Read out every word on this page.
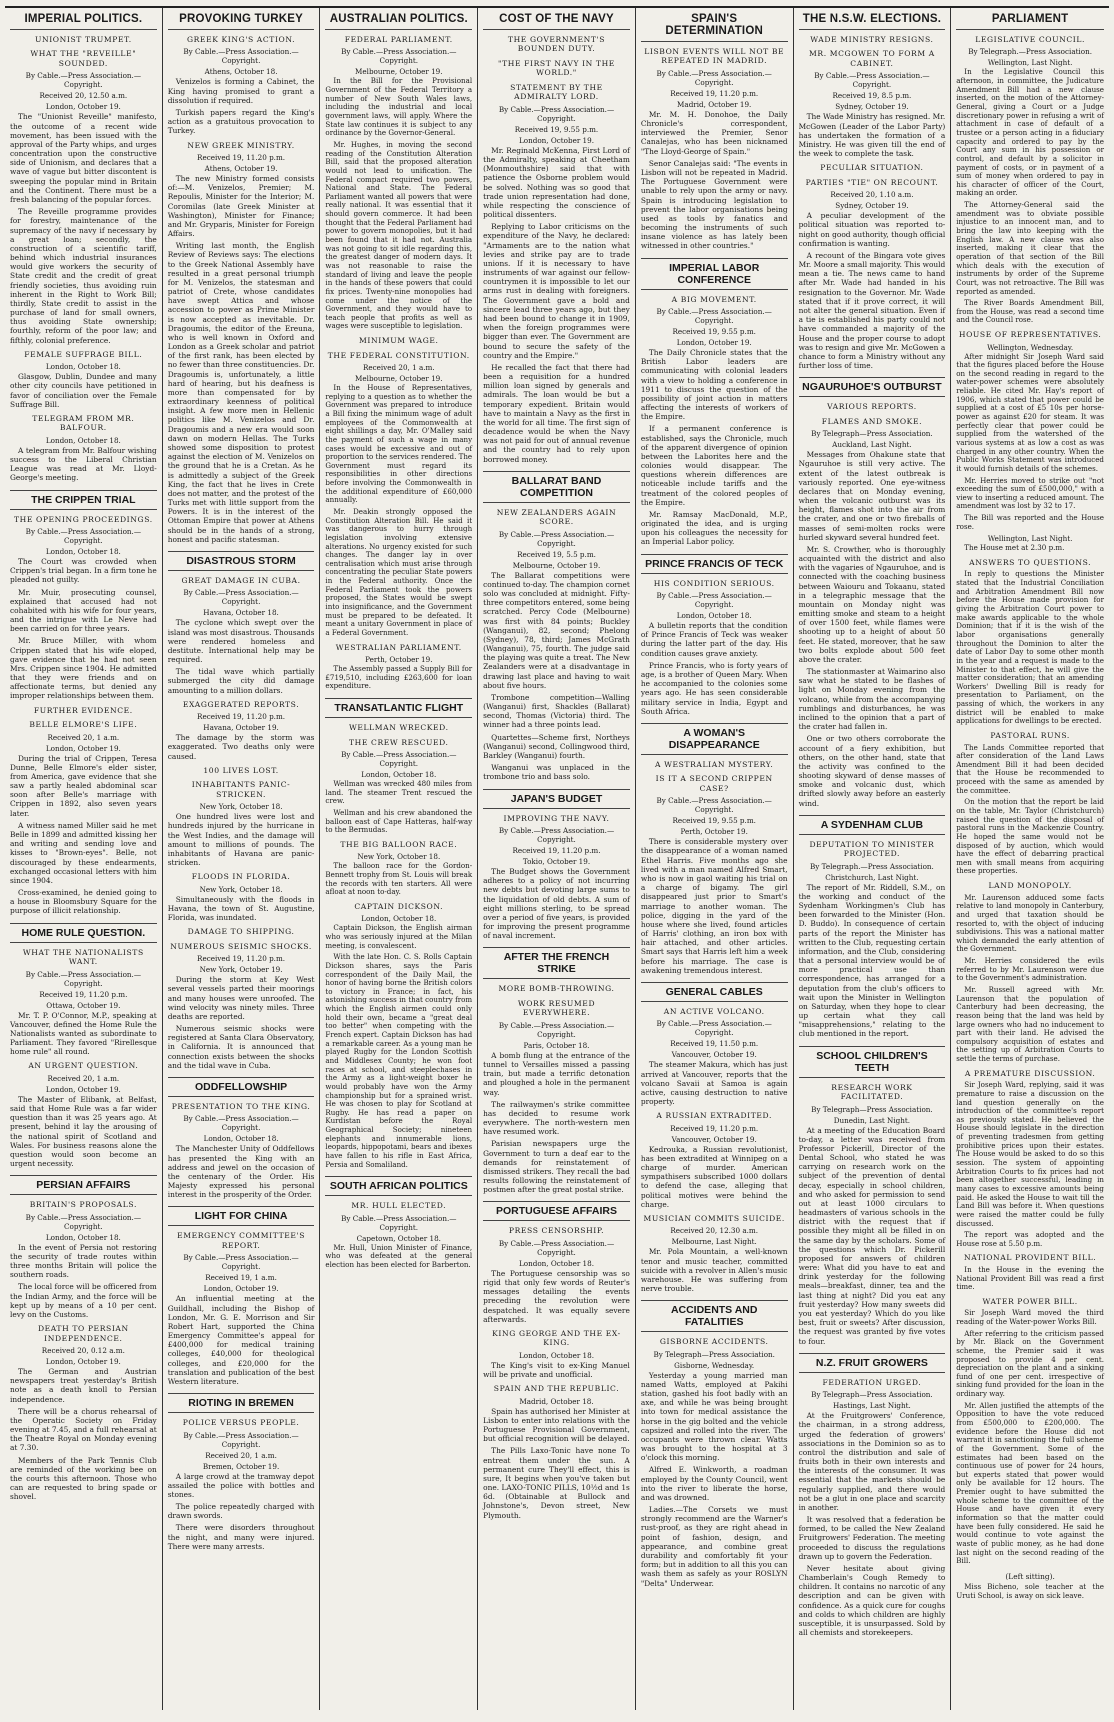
IMPERIAL POLITICS.
UNIONIST TRUMPET.
WHAT THE "REVEILLE" SOUNDED.
By Cable.—Press Association.—Copyright.
Received 20, 12.50 a.m.
London, October 19.
The "Unionist Reveille" manifesto, the outcome of a recent wide movement, has been issued with the approval of the Party whips, and urges concentration upon the constructive side of Unionism, and declares that a wave of vague but bitter discontent is sweeping the popular mind in Britain and the Continent. There must be a fresh balancing of the popular forces.
The Reveille programme provides for forestry, maintenance of the supremacy of the navy if necessary by a great loan; secondly, the construction of a scientific tariff, behind which industrial insurances would give workers the security of State credit and the credit of great friendly societies, thus avoiding ruin inherent in the Right to Work Bill; thirdly, State credit to assist in the purchase of land for small owners, thus avoiding State ownership; fourthly, reform of the poor law; and fifthly, colonial preference.
FEMALE SUFFRAGE BILL.
London, October 18.
Glasgow, Dublin, Dundee and many other city councils have petitioned in favor of conciliation over the Female Suffrage Bill.
TELEGRAM FROM MR. BALFOUR.
London, October 18.
A telegram from Mr. Balfour wishing success to the Liberal Christian League was read at Mr. Lloyd-George's meeting.
THE CRIPPEN TRIAL
THE OPENING PROCEEDINGS.
By Cable.—Press Association.—Copyright.
London, October 18.
The Court was crowded when Crippen's trial began. In a firm tone he pleaded not guilty.
Mr. Muir, prosecuting counsel, explained that accused had not cohabited with his wife for four years, and the intrigue with Le Neve had been carried on for three years.
Mr. Bruce Miller, with whom Crippen stated that his wife eloped, gave evidence that he had not seen Mrs. Crippen since 1904. He admitted that they were friends and on affectionate terms, but denied any improper relationships between them.
FURTHER EVIDENCE.
BELLE ELMORE'S LIFE.
Received 20, 1 a.m.
London, October 19.
During the trial of Crippen, Teresa Dunne, Belle Elmore's elder sister, from America, gave evidence that she saw a partly healed abdominal scar soon after Belle's marriage with Crippen in 1892, also seven years later.
A witness named Miller said he met Belle in 1899 and admitted kissing her and writing and sending love and kisses to "Brown-eyes". Belle, not discouraged by these endearments, exchanged occasional letters with him since 1904.
Cross-examined, he denied going to a house in Bloomsbury Square for the purpose of illicit relationship.
HOME RULE QUESTION.
WHAT THE NATIONALISTS WANT.
By Cable.—Press Association.—Copyright.
Received 19, 11.20 p.m.
Ottawa, October 19.
Mr. T. P. O'Connor, M.P., speaking at Vancouver, defined the Home Rule the Nationalists wanted as subordinate to Parliament. They favored "Rirellesque home rule" all round.
AN URGENT QUESTION.
Received 20, 1 a.m.
London, October 19.
The Master of Elibank, at Belfast, said that Home Rule was a far wider question than it was 25 years ago. At present, behind it lay the arousing of the national spirit of Scotland and Wales. For business reasons alone the question would soon become an urgent necessity.
PERSIAN AFFAIRS
BRITAIN'S PROPOSALS.
By Cable.—Press Association.—Copyright.
London, October 18.
In the event of Persia not restoring the security of trade routes within three months Britain will police the southern roads.
The local force will be officered from the Indian Army, and the force will be kept up by means of a 10 per cent. levy on the Customs.
DEATH TO PERSIAN INDEPENDENCE.
Received 20, 0.12 a.m.
London, October 19.
The German and Austrian newspapers treat yesterday's British note as a death knoll to Persian independence.
There will be a chorus rehearsal of the Operatic Society on Friday evening at 7.45, and a full rehearsal at the Theatre Royal on Monday evening at 7.30.
Members of the Park Tennis Club are reminded of the working bee on the courts this afternoon. Those who can are requested to bring spade or shovel.
PROVOKING TURKEY
GREEK KING'S ACTION.
By Cable.—Press Association.—Copyright.
Athens, October 18.
Venizelos is forming a Cabinet, the King having promised to grant a dissolution if required.
Turkish papers regard the King's action as a gratuitous provocation to Turkey.
NEW GREEK MINISTRY.
Received 19, 11.20 p.m.
Athens, October 19.
The new Ministry formed consists of:—M. Venizelos, Premier; M. Repoulis, Minister for the Interior; M. Coromilas (late Greek Minister at Washington), Minister for Finance; and Mr. Gryparis, Minister for Foreign Affairs.
Writing last month, the English Review of Reviews says: The elections to the Greek National Assembly have resulted in a great personal triumph for M. Venizelos, the statesman and patriot of Crete, whose candidates have swept Attica and whose accession to power as Prime Minister is now accepted as inevitable. Dr. Dragoumis, the editor of the Ereuna, who is well known in Oxford and London as a Greek scholar and patriot of the first rank, has been elected by no fewer than three constituencies. Dr. Dragoumis is, unfortunately, a little hard of hearing, but his deafness is more than compensated for by extraordinary keenness of political insight. A few more men in Hellenic politics like M. Venizelos and Dr. Dragoumis and a new era would soon dawn on modern Hellas. The Turks showed some disposition to protest against the election of M. Venizelos on the ground that he is a Cretan. As he is admittedly a subject of the Greek King, the fact that he lives in Crete does not matter, and the protest of the Turks met with little support from the Powers. It is in the interest of the Ottoman Empire that power at Athens should be in the hands of a strong, honest and pacific statesman.
DISASTROUS STORM
GREAT DAMAGE IN CUBA.
By Cable.—Press Association.—Copyright.
Havana, October 18.
The cyclone which swept over the island was most disastrous. Thousands were rendered homeless and destitute. International help may be required.
The tidal wave which partially submerged the city did damage amounting to a million dollars.
EXAGGERATED REPORTS.
Received 19, 11.20 p.m.
Havana, October 19.
The damage by the storm was exaggerated. Two deaths only were caused.
100 LIVES LOST.
INHABITANTS PANIC-STRICKEN.
New York, October 18.
One hundred lives were lost and hundreds injured by the hurricane in the West Indies, and the damage will amount to millions of pounds. The inhabitants of Havana are panic-stricken.
FLOODS IN FLORIDA.
New York, October 18.
Simultaneously with the floods in Havana, the town of St. Augustine, Florida, was inundated.
DAMAGE TO SHIPPING.
NUMEROUS SEISMIC SHOCKS.
Received 19, 11.20 p.m.
New York, October 19.
During the storm at Key West several vessels parted their moorings and many houses were unroofed. The wind velocity was ninety miles. Three deaths are reported.
Numerous seismic shocks were registered at Santa Clara Observatory, in California. It is announced that connection exists between the shocks and the tidal wave in Cuba.
ODDFELLOWSHIP
PRESENTATION TO THE KING.
By Cable.—Press Association.—Copyright.
London, October 18.
The Manchester Unity of Oddfellows has presented the King with an address and jewel on the occasion of the centenary of the Order. His Majesty expressed his personal interest in the prosperity of the Order.
LIGHT FOR CHINA
EMERGENCY COMMITTEE'S REPORT.
By Cable.—Press Association.—Copyright.
Received 19, 1 a.m.
London, October 19.
An influential meeting at the Guildhall, including the Bishop of London, Mr. G. E. Morrison and Sir Robert Hart, supported the China Emergency Committee's appeal for £400,000 for medical training colleges, £40,000 for theological colleges, and £20,000 for the translation and publication of the best Western literature.
RIOTING IN BREMEN
POLICE VERSUS PEOPLE.
By Cable.—Press Association.—Copyright.
Received 20, 1 a.m.
Bremen, October 19.
A large crowd at the tramway depot assailed the police with bottles and stones.
The police repeatedly charged with drawn swords.
There were disorders throughout the night, and many were injured. There were many arrests.
AUSTRALIAN POLITICS.
FEDERAL PARLIAMENT.
By Cable.—Press Association.—Copyright.
Melbourne, October 19.
In the Bill for the Provisional Government of the Federal Territory a number of New South Wales laws, including the industrial and local government laws, will apply. Where the State law continues it is subject to any ordinance by the Governor-General.
Mr. Hughes, in moving the second reading of the Constitution Alteration Bill, said that the proposed alteration would not lead to unification. The Federal compact required two powers, National and State. The Federal Parliament wanted all powers that were really national. It was essential that it should govern commerce. It had been thought that the Federal Parliament had power to govern monopolies, but it had been found that it had not. Australia was not going to sit idle regarding this, the greatest danger of modern days. It was not reasonable to raise the standard of living and leave the people in the hands of these powers that could fix prices. Twenty-nine monopolies had come under the notice of the Government, and they would have to teach people that profits as well as wages were susceptible to legislation.
MINIMUM WAGE.
THE FEDERAL CONSTITUTION.
Received 20, 1 a.m.
Melbourne, October 19.
In the House of Representatives, replying to a question as to whether the Government was prepared to introduce a Bill fixing the minimum wage of adult employees of the Commonwealth at eight shillings a day, Mr. O'Malley said the payment of such a wage in many cases would be excessive and out of proportion to the services rendered. The Government must regard its responsibilities in other directions before involving the Commonwealth in the additional expenditure of £60,000 annually.
Mr. Deakin strongly opposed the Constitution Alteration Bill. He said it was dangerous to hurry through legislation involving extensive alterations. No urgency existed for such changes. The danger lay in over centralisation which must arise through concentrating the peculiar State powers in the Federal authority. Once the Federal Parliament took the powers proposed, the States would be swept into insignificance, and the Government must be prepared to be defeated. It meant a unitary Government in place of a Federal Government.
WESTRALIAN PARLIAMENT.
Perth, October 19.
The Assembly passed a Supply Bill for £719,510, including £263,600 for loan expenditure.
TRANSATLANTIC FLIGHT
WELLMAN WRECKED.
THE CREW RESCUED.
By Cable.—Press Association.—Copyright.
London, October 18.
Wellman was wrecked 480 miles from land. The steamer Trent rescued the crew.
Wellman and his crew abandoned the balloon east of Cape Hatteras, half-way to the Bermudas.
THE BIG BALLOON RACE.
New York, October 18.
The balloon race for the Gordon-Bennett trophy from St. Louis will break the records with ten starters. All were afloat at noon to-day.
CAPTAIN DICKSON.
London, October 18.
Captain Dickson, the English airman who was seriously injured at the Milan meeting, is convalescent.
With the late Hon. C. S. Rolls Captain Dickson shares, says the Paris correspondent of the Daily Mail, the honor of having borne the British colors to victory in France; in fact, his astonishing success in that country from which the English airmen could only hold their own, became a "great deal too better" when competing with the French expert. Captain Dickson has had a remarkable career. As a young man he played Rugby for the London Scottish and Middlesex County; he won foot races at school, and steeplechases in the Army as a light-weight boxer he would probably have won the Army championship but for a sprained wrist. He was chosen to play for Scotland at Rugby. He has read a paper on Kurdistan before the Royal Geographical Society; nineteen elephants and innumerable lions, leopards, hippopotami, bears and ibexes have fallen to his rifle in East Africa, Persia and Somaliland.
SOUTH AFRICAN POLITICS
MR. HULL ELECTED.
By Cable.—Press Association.—Copyright.
Capetown, October 18.
Mr. Hull, Union Minister of Finance, who was defeated at the general election has been elected for Barberton.
COST OF THE NAVY
THE GOVERNMENT'S BOUNDEN DUTY.
"THE FIRST NAVY IN THE WORLD."
STATEMENT BY THE ADMIRALTY LORD.
By Cable.—Press Association.—Copyright.
Received 19, 9.55 p.m.
London, October 19.
Mr. Reginald McKenna, First Lord of the Admiralty, speaking at Cheetham (Monmouthshire) said that with patience the Osborne problem would be solved. Nothing was so good that trade union representation had done, while respecting the conscience of political dissenters.
Replying to Labor criticisms on the expenditure of the Navy, he declared: "Armaments are to the nation what levies and strike pay are to trade unions. If it is necessary to have instruments of war against our fellow-countrymen it is impossible to let our arms rust in dealing with foreigners. The Government gave a bold and sincere lead three years ago, but they had been bound to change it in 1909, when the foreign programmes were bigger than ever. The Government are bound to secure the safety of the country and the Empire."
He recalled the fact that there had been a requisition for a hundred million loan signed by generals and admirals. The loan would be but a temporary expedient. Britain would have to maintain a Navy as the first in the world for all time. The first sign of decadence would be when the Navy was not paid for out of annual revenue and the country had to rely upon borrowed money.
BALLARAT BAND COMPETITION
NEW ZEALANDERS AGAIN SCORE.
By Cable.—Press Association.—Copyright.
Received 19, 5.5 p.m.
Melbourne, October 19.
The Ballarat competitions were continued to-day. The champion cornet solo was concluded at midnight. Fifty-three competitors entered, some being scratched. Percy Code (Melbourne) was first with 84 points; Buckley (Wanganui), 82, second; Phelong (Sydney), 78, third; James McGrath (Wanganui), 75, fourth. The judge said the playing was quite a treat. The New Zealanders were at a disadvantage in drawing last place and having to wait about five hours.
Trombone competition—Walling (Wanganui) first, Shackles (Ballarat) second, Thomas (Victoria) third. The winner had a three points lead.
Quartettes—Scheme first, Northeys (Wanganui) second, Collingwood third, Barkley (Wanganui) fourth.
Wanganui was unplaced in the trombone trio and bass solo.
JAPAN'S BUDGET
IMPROVING THE NAVY.
By Cable.—Press Association.—Copyright.
Received 19, 11.20 p.m.
Tokio, October 19.
The Budget shows the Government adheres to a policy of not incurring new debts but devoting large sums to the liquidation of old debts. A sum of eight millions sterling, to be spread over a period of five years, is provided for improving the present programme of naval increment.
AFTER THE FRENCH STRIKE
MORE BOMB-THROWING.
WORK RESUMED EVERYWHERE.
By Cable.—Press Association.—Copyright.
Paris, October 18.
A bomb flung at the entrance of the tunnel to Versailles missed a passing train, but made a terrific detonation and ploughed a hole in the permanent way.
The railwaymen's strike committee has decided to resume work everywhere. The north-western men have resumed work.
Parisian newspapers urge the Government to turn a deaf ear to the demands for reinstatement of dismissed strikers. They recall the bad results following the reinstatement of postmen after the great postal strike.
PORTUGUESE AFFAIRS
PRESS CENSORSHIP.
By Cable.—Press Association.—Copyright.
London, October 18.
The Portuguese censorship was so rigid that only few words of Reuter's messages detailing the events preceding the revolution were despatched. It was equally severe afterwards.
KING GEORGE AND THE EX-KING.
London, October 18.
The King's visit to ex-King Manuel will be private and unofficial.
SPAIN AND THE REPUBLIC.
Madrid, October 18.
Spain has authorised her Minister at Lisbon to enter into relations with the Portuguese Provisional Government, but official recognition will be delayed.
The Pills Laxo-Tonic have none To entreat them under the sun. A permanent cure They'll effect, this is sure, It begins when you've taken but one. LAXO-TONIC PILLS, 10½d and 1s 6d. (Obtainable at Bullock and Johnstone's, Devon street, New Plymouth.
SPAIN'S DETERMINATION
LISBON EVENTS WILL NOT BE REPEATED IN MADRID.
By Cable.—Press Association.—Copyright.
Received 19, 11.20 p.m.
Madrid, October 19.
Mr. M. H. Donohoe, the Daily Chronicle's correspondent, interviewed the Premier, Senor Canalejas, who has been nicknamed "The Lloyd-George of Spain."
Senor Canalejas said: "The events in Lisbon will not be repeated in Madrid. The Portuguese Government were unable to rely upon the army or navy. Spain is introducing legislation to prevent the labor organisations being used as tools by fanatics and becoming the instruments of such insane violence as has lately been witnessed in other countries."
IMPERIAL LABOR CONFERENCE
A BIG MOVEMENT.
By Cable.—Press Association.—Copyright.
Received 19, 9.55 p.m.
London, October 19.
The Daily Chronicle states that the British Labor leaders are communicating with colonial leaders with a view to holding a conference in 1911 to discuss the question of the possibility of joint action in matters affecting the interests of workers of the Empire.
If a permanent conference is established, says the Chronicle, much of the apparent divergence of opinion between the Laborites here and the colonies would disappear. The questions wherein differences are noticeable include tariffs and the treatment of the colored peoples of the Empire.
Mr. Ramsay MacDonald, M.P., originated the idea, and is urging upon his colleagues the necessity for an Imperial Labor policy.
PRINCE FRANCIS OF TECK
HIS CONDITION SERIOUS.
By Cable.—Press Association.—Copyright.
London, October 18.
A bulletin reports that the condition of Prince Francis of Teck was weaker during the latter part of the day. His condition causes grave anxiety.
Prince Francis, who is forty years of age, is a brother of Queen Mary. When he accompanied to the colonies some years ago. He has seen considerable military service in India, Egypt and South Africa.
A WOMAN'S DISAPPEARANCE
A WESTRALIAN MYSTERY.
IS IT A SECOND CRIPPEN CASE?
By Cable.—Press Association.—Copyright.
Received 19, 9.55 p.m.
Perth, October 19.
There is considerable mystery over the disappearance of a woman named Ethel Harris. Five months ago she lived with a man named Alfred Smart, who is now in gaol waiting his trial on a charge of bigamy. The girl disappeared just prior to Smart's marriage to another woman. The police, digging in the yard of the house where she lived, found articles of Harris' clothing, an iron box with hair attached, and other articles. Smart says that Harris left him a week before his marriage. The case is awakening tremendous interest.
GENERAL CABLES
AN ACTIVE VOLCANO.
By Cable.—Press Association.—Copyright.
Received 19, 11.50 p.m.
Vancouver, October 19.
The steamer Makura, which has just arrived at Vancouver, reports that the volcano Savaii at Samoa is again active, causing destruction to native property.
A RUSSIAN EXTRADITED.
Received 19, 11.20 p.m.
Vancouver, October 19.
Kedrouka, a Russian revolutionist, has been extradited at Winnipeg on a charge of murder. American sympathisers subscribed 1000 dollars to defend the case, alleging that political motives were behind the charge.
MUSICIAN COMMITS SUICIDE.
Received 20, 12.30 a.m.
Melbourne, Last Night.
Mr. Pola Mountain, a well-known tenor and music teacher, committed suicide with a revolver in Allen's music warehouse. He was suffering from nerve trouble.
ACCIDENTS AND FATALITIES
GISBORNE ACCIDENTS.
By Telegraph—Press Association.
Gisborne, Wednesday.
Yesterday a young married man named Watts, employed at Pakihi station, gashed his foot badly with an axe, and while he was being brought into town for medical assistance the horse in the gig bolted and the vehicle capsized and rolled into the river. The occupants were thrown clear. Watts was brought to the hospital at 3 o'clock this morning.
Alfred E. Winkworth, a roadman employed by the County Council, went into the river to liberate the horse, and was drowned.
Ladies.—The Corsets we must strongly recommend are the Warner's rust-proof, as they are right ahead in point of fashion, design, and appearance, and combine great durability and comfortably fit your form; but in addition to all this you can wash them as safely as your ROSLYN "Delta" Underwear.
THE N.S.W. ELECTIONS.
WADE MINISTRY RESIGNS.
MR. MCGOWEN TO FORM A CABINET.
By Cable.—Press Association.—Copyright.
Received 19, 8.5 p.m.
Sydney, October 19.
The Wade Ministry has resigned. Mr. McGowen (Leader of the Labor Party) has undertaken the formation of a Ministry. He was given till the end of the week to complete the task.
PECULIAR SITUATION.
PARTIES "TIE" ON RECOUNT.
Received 20, 1.10 a.m.
Sydney, October 19.
A peculiar development of the political situation was reported to-night on good authority, though official confirmation is wanting.
A recount of the Bingara vote gives Mr. Moore a small majority. This would mean a tie. The news came to hand after Mr. Wade had handed in his resignation to the Governor. Mr. Wade stated that if it prove correct, it will not alter the general situation. Even if a tie is established his party could not have commanded a majority of the House and the proper course to adopt was to resign and give Mr. McGowen a chance to form a Ministry without any further loss of time.
NGAURUHOE'S OUTBURST
VARIOUS REPORTS.
FLAMES AND SMOKE.
By Telegraph—Press Association.
Auckland, Last Night.
Messages from Ohakune state that Ngauruhoe is still very active. The extent of the latest outbreak is variously reported. One eye-witness declares that on Monday evening, when the volcanic outburst was its height, flames shot into the air from the crater, and one or two fireballs of masses of semi-molten rocks were hurled skyward several hundred feet.
Mr. S. Crowther, who is thoroughly acquainted with the district and also with the vagaries of Ngauruhoe, and is connected with the coaching business between Waiouru and Tokaanu, stated in a telegraphic message that the mountain on Monday night was emitting smoke and steam to a height of over 1500 feet, while flames were shooting up to a height of about 50 feet. He stated, moreover, that he saw two bolts explode about 500 feet above the crater.
The stationmaster at Waimarino also saw what he stated to be flashes of light on Monday evening from the volcano, while from the accompanying rumblings and disturbances, he was inclined to the opinion that a part of the crater had fallen in.
One or two others corroborate the account of a fiery exhibition, but others, on the other hand, state that the activity was confined to the shooting skyward of dense masses of smoke and volcanic dust, which drifted slowly away before an easterly wind.
A SYDENHAM CLUB
DEPUTATION TO MINISTER PROJECTED.
By Telegraph.—Press Association.
Christchurch, Last Night.
The report of Mr. Riddell, S.M., on the working and conduct of the Sydenham Workingmen's Club has been forwarded to the Minister (Hon. D. Buddo). In consequence of certain parts of the report the Minister has written to the Club, requesting certain information, and the Club, considering that a personal interview would be of more practical use than correspondence, has arranged for a deputation from the club's officers to wait upon the Minister in Wellington on Saturday, when they hope to clear up certain what they call "misapprehensions," relating to the club mentioned in the report.
SCHOOL CHILDREN'S TEETH
RESEARCH WORK FACILITATED.
By Telegraph—Press Association.
Dunedin, Last Night.
At a meeting of the Education Board to-day, a letter was received from Professor Pickerill, Director of the Dental School, who stated he was carrying on research work on the subject of the prevention of dental decay, especially in school children, and who asked for permission to send out at least 1000 circulars to headmasters of various schools in the district with the request that if possible they might all be filled in on the same day by the scholars. Some of the questions which Dr. Pickerill proposed for answers of children were: What did you have to eat and drink yesterday for the following meals—breakfast, dinner, tea and the last thing at night? Did you eat any fruit yesterday? How many sweets did you eat yesterday? Which do you like best, fruit or sweets? After discussion, the request was granted by five votes to four.
N.Z. FRUIT GROWERS
FEDERATION URGED.
By Telegraph—Press Association.
Hastings, Last Night.
At the Fruitgrowers' Conference, the chairman, in a strong address, urged the federation of growers' associations in the Dominion so as to control the distribution and sale of fruits both in their own interests and the interests of the consumer. It was essential that the markets should be regularly supplied, and there would not be a glut in one place and scarcity in another.
It was resolved that a federation be formed, to be called the New Zealand Fruitgrowers' Federation. The meeting proceeded to discuss the regulations drawn up to govern the Federation.
Never hesitate about giving Chamberlain's Cough Remedy to children. It contains no narcotic of any description and can be given with confidence. As a quick cure for coughs and colds to which children are highly susceptible, it is unsurpassed. Sold by all chemists and storekeepers.
PARLIAMENT
LEGISLATIVE COUNCIL.
By Telegraph.—Press Association.
Wellington, Last Night.
In the Legislative Council this afternoon, in committee, the Judicature Amendment Bill had a new clause inserted, on the motion of the Attorney-General, giving a Court or a Judge discretionary power in refusing a writ of attachment in case of default of a trustee or a person acting in a fiduciary capacity and ordered to pay by the Court any sum in his possession or control, and default by a solicitor in payment of costs, or in payment of a sum of money when ordered to pay in his character of officer of the Court, making an order.
The Attorney-General said the amendment was to obviate possible injustice to an innocent man, and to bring the law into keeping with the English law. A new clause was also inserted, making it clear that the operation of that section of the Bill which deals with the execution of instruments by order of the Supreme Court, was not retroactive. The Bill was reported as amended.
The River Boards Amendment Bill, from the House, was read a second time and the Council rose.
HOUSE OF REPRESENTATIVES.
Wellington, Wednesday.
After midnight Sir Joseph Ward said that the figures placed before the House on the second reading in regard to the water-power schemes were absolutely reliable. He cited Mr. Hay's report of 1906, which stated that power could be supplied at a cost of £5 10s per horse-power as against £20 for steam. It was perfectly clear that power could be supplied from the watershed of the various systems at as low a cost as was charged in any other country. When the Public Works Statement was introduced it would furnish details of the schemes.
Mr. Herries moved to strike out "not exceeding the sum of £500,000," with a view to inserting a reduced amount. The amendment was lost by 32 to 17.
The Bill was reported and the House rose.
Wellington, Last Night.
The House met at 2.30 p.m.
ANSWERS TO QUESTIONS.
In reply to questions the Minister stated that the Industrial Conciliation and Arbitration Amendment Bill now before the House made provision for giving the Arbitration Court power to make awards applicable to the whole Dominion; that if it is the wish of the labor organisations generally throughout the Dominion to alter the date of Labor Day to some other month in the year and a request is made to the Minister to that effect, he will give the matter consideration; that an amending Workers' Dwelling Bill is ready for presentation to Parliament, on the passing of which, the workers in any district will be enabled to make applications for dwellings to be erected.
PASTORAL RUNS.
The Lands Committee reported that after consideration of the Land Laws Amendment Bill it had been decided that the House be recommended to proceed with the same as amended by the committee.
On the motion that the report be laid on the table, Mr. Taylor (Christchurch) raised the question of the disposal of pastoral runs in the Mackenzie Country. He hoped the same would not be disposed of by auction, which would have the effect of debarring practical men with small means from acquiring these properties.
LAND MONOPOLY.
Mr. Laurenson adduced some facts relative to land monopoly in Canterbury, and urged that taxation should be resorted to, with the object of inducing subdivisions. This was a national matter which demanded the early attention of the Government.
Mr. Herries considered the evils referred to by Mr. Laurenson were due to the Government's administration.
Mr. Russell agreed with Mr. Laurenson that the population of Canterbury had been decreasing, the reason being that the land was held by large owners who had no inducement to part with their land. He advised the compulsory acquisition of estates and the setting up of Arbitration Courts to settle the terms of purchase.
A PREMATURE DISCUSSION.
Sir Joseph Ward, replying, said it was premature to raise a discussion on the land question generally on the introduction of the committee's report as previously stated. He believed the House should legislate in the direction of preventing tradesmen from getting prohibitive prices upon their estates. The House would be asked to do so this session. The system of appointing Arbitration Courts to fix prices had not been altogether successful, leading in many cases to excessive amounts being paid. He asked the House to wait till the Land Bill was before it. When questions were raised the matter could be fully discussed.
The report was adopted and the House rose at 5.50 p.m.
NATIONAL PROVIDENT BILL.
In the House in the evening the National Provident Bill was read a first time.
WATER POWER BILL.
Sir Joseph Ward moved the third reading of the Water-power Works Bill.
After referring to the criticism passed by Mr. Black on the Government scheme, the Premier said it was proposed to provide 4 per cent. depreciation on the plant and a sinking fund of one per cent. irrespective of sinking fund provided for the loan in the ordinary way.
Mr. Allen justified the attempts of the Opposition to have the vote reduced from £500,000 to £200,000. The evidence before the House did not warrant it in sanctioning the full scheme of the Government. Some of the estimates had been based on the continuous use of power for 24 hours, but experts stated that power would only be available for 12 hours. The Premier ought to have submitted the whole scheme to the committee of the House and have given it every information so that the matter could have been fully considered. He said he would continue to vote against the waste of public money, as he had done last night on the second reading of the Bill.
(Left sitting).
Miss Bicheno, sole teacher at the Uruti School, is away on sick leave.
